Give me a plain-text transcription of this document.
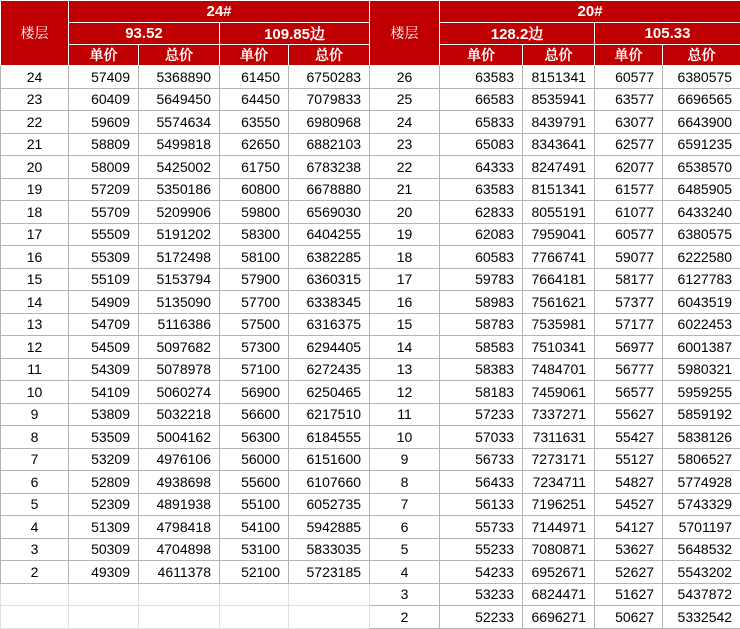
楼层	24#				楼层	20#			
	93.52		109.85边			128.2边		105.33	
	单价	总价	单价	总价		单价	总价	单价	总价
24	57409	5368890	61450	6750283	26	63583	8151341	60577	6380575
23	60409	5649450	64450	7079833	25	66583	8535941	63577	6696565
22	59609	5574634	63550	6980968	24	65833	8439791	63077	6643900
21	58809	5499818	62650	6882103	23	65083	8343641	62577	6591235
20	58009	5425002	61750	6783238	22	64333	8247491	62077	6538570
19	57209	5350186	60800	6678880	21	63583	8151341	61577	6485905
18	55709	5209906	59800	6569030	20	62833	8055191	61077	6433240
17	55509	5191202	58300	6404255	19	62083	7959041	60577	6380575
16	55309	5172498	58100	6382285	18	60583	7766741	59077	6222580
15	55109	5153794	57900	6360315	17	59783	7664181	58177	6127783
14	54909	5135090	57700	6338345	16	58983	7561621	57377	6043519
13	54709	5116386	57500	6316375	15	58783	7535981	57177	6022453
12	54509	5097682	57300	6294405	14	58583	7510341	56977	6001387
11	54309	5078978	57100	6272435	13	58383	7484701	56777	5980321
10	54109	5060274	56900	6250465	12	58183	7459061	56577	5959255
9	53809	5032218	56600	6217510	11	57233	7337271	55627	5859192
8	53509	5004162	56300	6184555	10	57033	7311631	55427	5838126
7	53209	4976106	56000	6151600	9	56733	7273171	55127	5806527
6	52809	4938698	55600	6107660	8	56433	7234711	54827	5774928
5	52309	4891938	55100	6052735	7	56133	7196251	54527	5743329
4	51309	4798418	54100	5942885	6	55733	7144971	54127	5701197
3	50309	4704898	53100	5833035	5	55233	7080871	53627	5648532
2	49309	4611378	52100	5723185	4	54233	6952671	52627	5543202
					3	53233	6824471	51627	5437872
					2	52233	6696271	50627	5332542
